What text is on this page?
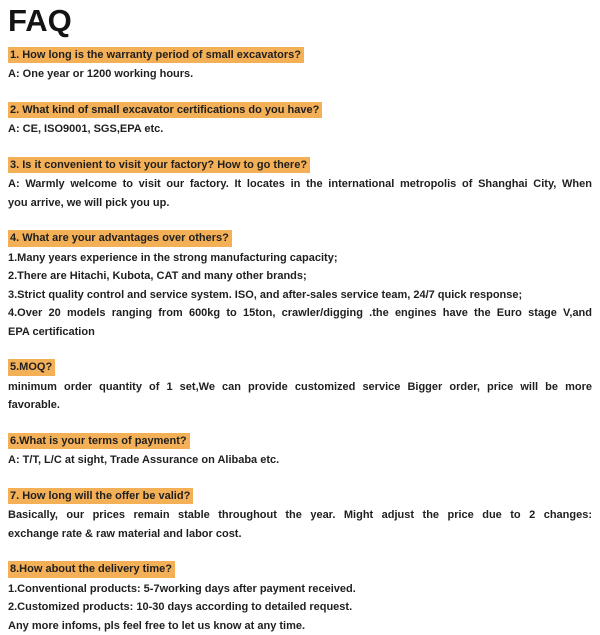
FAQ
1. How long is the warranty period of small excavators?
A: One year or 1200 working hours.
2. What kind of small excavator certifications do you have?
A: CE, ISO9001, SGS,EPA etc.
3. Is it convenient to visit your factory? How to go there?
A: Warmly welcome to visit our factory. It locates in the international metropolis of Shanghai City, When
you arrive, we will pick you up.
4. What are your advantages over others?
1.Many years experience in the strong manufacturing capacity;
2.There are Hitachi, Kubota, CAT and many other brands;
3.Strict quality control and service system. ISO, and after-sales service team, 24/7 quick response;
4.Over 20 models ranging from 600kg to 15ton, crawler/digging .the engines have the Euro stage V,and
EPA certification
5.MOQ?
minimum order quantity of 1 set,We can provide customized service Bigger order, price will be more
favorable.
6.What is your terms of payment?
A: T/T, L/C at sight, Trade Assurance on Alibaba etc.
7. How long will the offer be valid?
Basically, our prices remain stable throughout the year. Might adjust the price due to 2 changes:
exchange rate & raw material and labor cost.
8.How about the delivery time?
1.Conventional products: 5-7working days after payment received.
2.Customized products: 10-30 days according to detailed request.
Any more infoms, pls feel free to let us know at any time.
